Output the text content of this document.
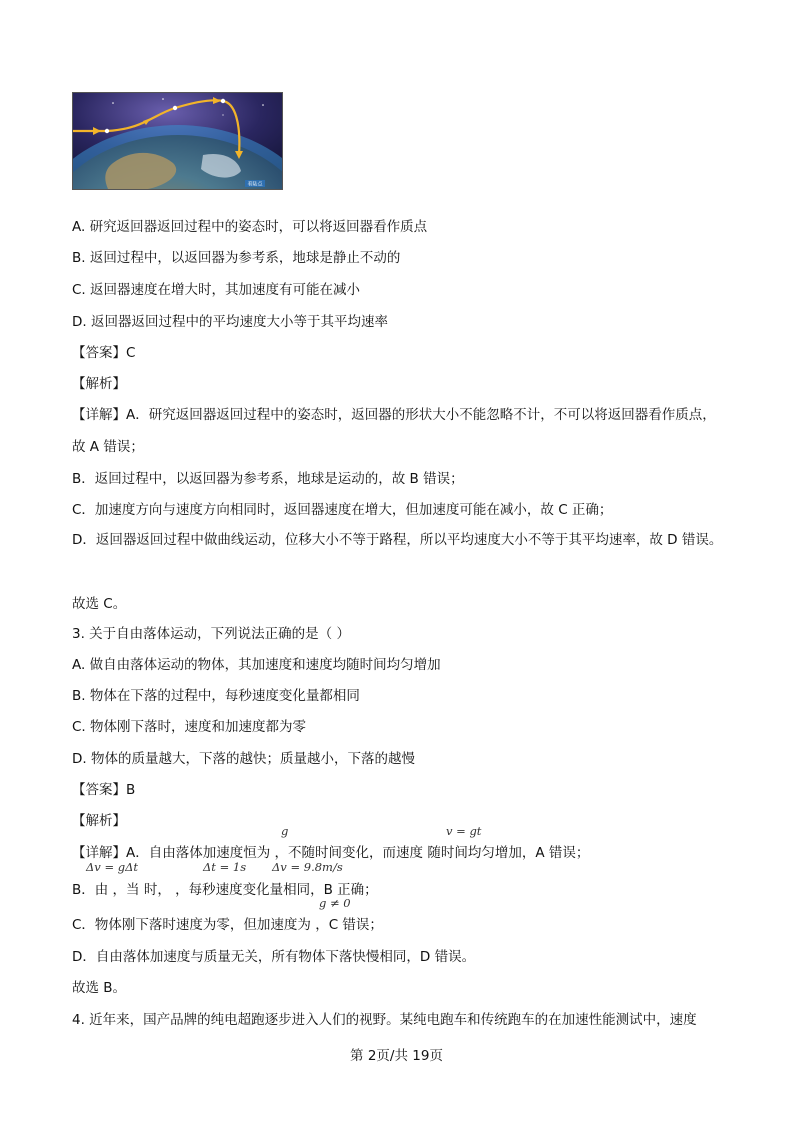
着陆点
A. 研究返回器返回过程中的姿态时，可以将返回器看作质点
B. 返回过程中，以返回器为参考系，地球是静止不动的
C. 返回器速度在增大时，其加速度有可能在减小
D. 返回器返回过程中的平均速度大小等于其平均速率
【答案】C
【解析】
【详解】A．研究返回器返回过程中的姿态时，返回器的形状大小不能忽略不计，不可以将返回器看作质点，故 A 错误；
B．返回过程中，以返回器为参考系，地球是运动的，故 B 错误；
C．加速度方向与速度方向相同时，返回器速度在增大，但加速度可能在减小，故 C 正确；
D．返回器返回过程中做曲线运动，位移大小不等于路程，所以平均速度大小不等于其平均速率，故 D 错误。
故选 C。
3. 关于自由落体运动，下列说法正确的是（ ）
A. 做自由落体运动的物体，其加速度和速度均随时间均匀增加
B. 物体在下落的过程中，每秒速度变化量都相同
C. 物体刚下落时，速度和加速度都为零
D. 物体的质量越大，下落的越快；质量越小，下落的越慢
【答案】B
【解析】
g	v = gt
【详解】A．自由落体加速度恒为 ，不随时间变化，而速度 随时间均匀增加，A 错误；
Δv = gΔt	Δt = 1s Δv = 9.8m/s
B．由 ，当 时， ，每秒速度变化量相同，B 正确；
g ≠ 0
C．物体刚下落时速度为零，但加速度为 ，C 错误；
D．自由落体加速度与质量无关，所有物体下落快慢相同，D 错误。
故选 B。
4. 近年来，国产品牌的纯电超跑逐步进入人们的视野。某纯电跑车和传统跑车的在加速性能测试中，速度
第 2页/共 19页
